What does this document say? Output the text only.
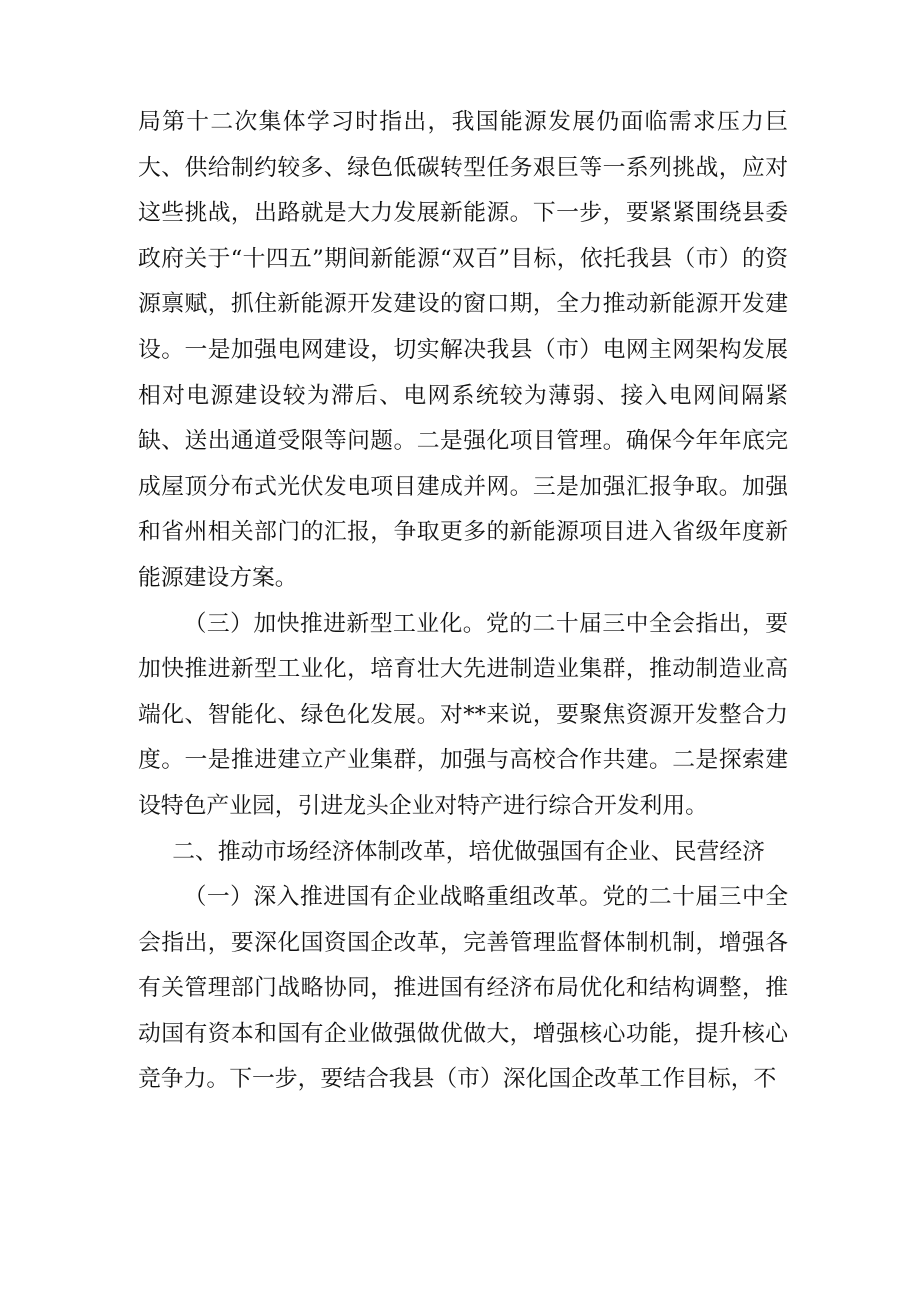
局第十二次集体学习时指出，我国能源发展仍面临需求压力巨大、供给制约较多、绿色低碳转型任务艰巨等一系列挑战，应对这些挑战，出路就是大力发展新能源。下一步，要紧紧围绕县委政府关于“十四五”期间新能源“双百”目标，依托我县（市）的资源禀赋，抓住新能源开发建设的窗口期，全力推动新能源开发建设。一是加强电网建设，切实解决我县（市）电网主网架构发展相对电源建设较为滞后、电网系统较为薄弱、接入电网间隔紧缺、送出通道受限等问题。二是强化项目管理。确保今年年底完成屋顶分布式光伏发电项目建成并网。三是加强汇报争取。加强和省州相关部门的汇报，争取更多的新能源项目进入省级年度新能源建设方案。

（三）加快推进新型工业化。党的二十届三中全会指出，要加快推进新型工业化，培育壮大先进制造业集群，推动制造业高端化、智能化、绿色化发展。对**来说，要聚焦资源开发整合力度。一是推进建立产业集群，加强与高校合作共建。二是探索建设特色产业园，引进龙头企业对特产进行综合开发利用。

二、推动市场经济体制改革，培优做强国有企业、民营经济

（一）深入推进国有企业战略重组改革。党的二十届三中全会指出，要深化国资国企改革，完善管理监督体制机制，增强各有关管理部门战略协同，推进国有经济布局优化和结构调整，推动国有资本和国有企业做强做优做大，增强核心功能，提升核心竞争力。下一步，要结合我县（市）深化国企改革工作目标，不
